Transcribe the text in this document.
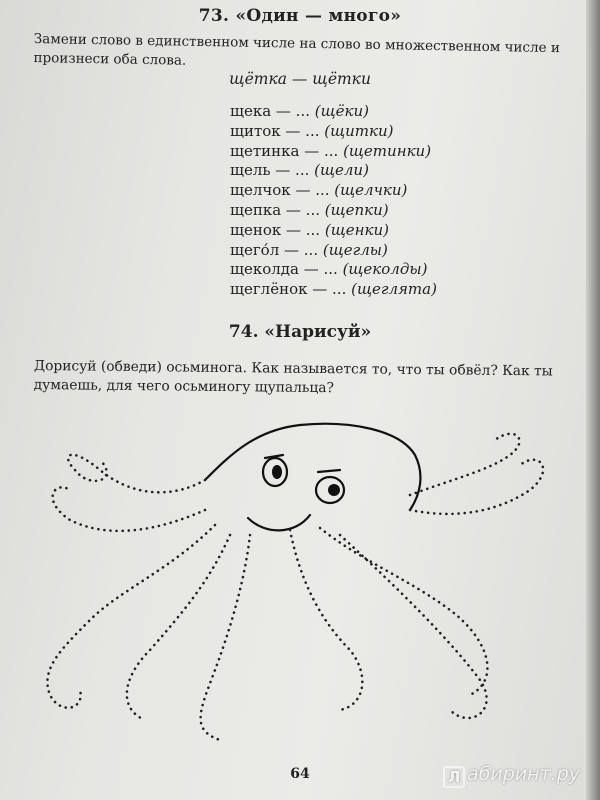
73. «Один — много»
Замени слово в единственном числе на слово во множественном числе и произнеси оба слова.
щётка — щётки
щека — ... (щёки)
щиток — ... (щитки)
щетинка — ... (щетинки)
щель — ... (щели)
щелчок — ... (щелчки)
щепка — ... (щепки)
щенок — ... (щенки)
щего́л — ... (щеглы)
щеколда — ... (щеколды)
щеглёнок — ... (щеглята)
74. «Нарисуй»
Дорисуй (обведи) осьминога. Как называется то, что ты обвёл? Как ты думаешь, для чего осьминогу щупальца?
64	Л абиринт.ру
